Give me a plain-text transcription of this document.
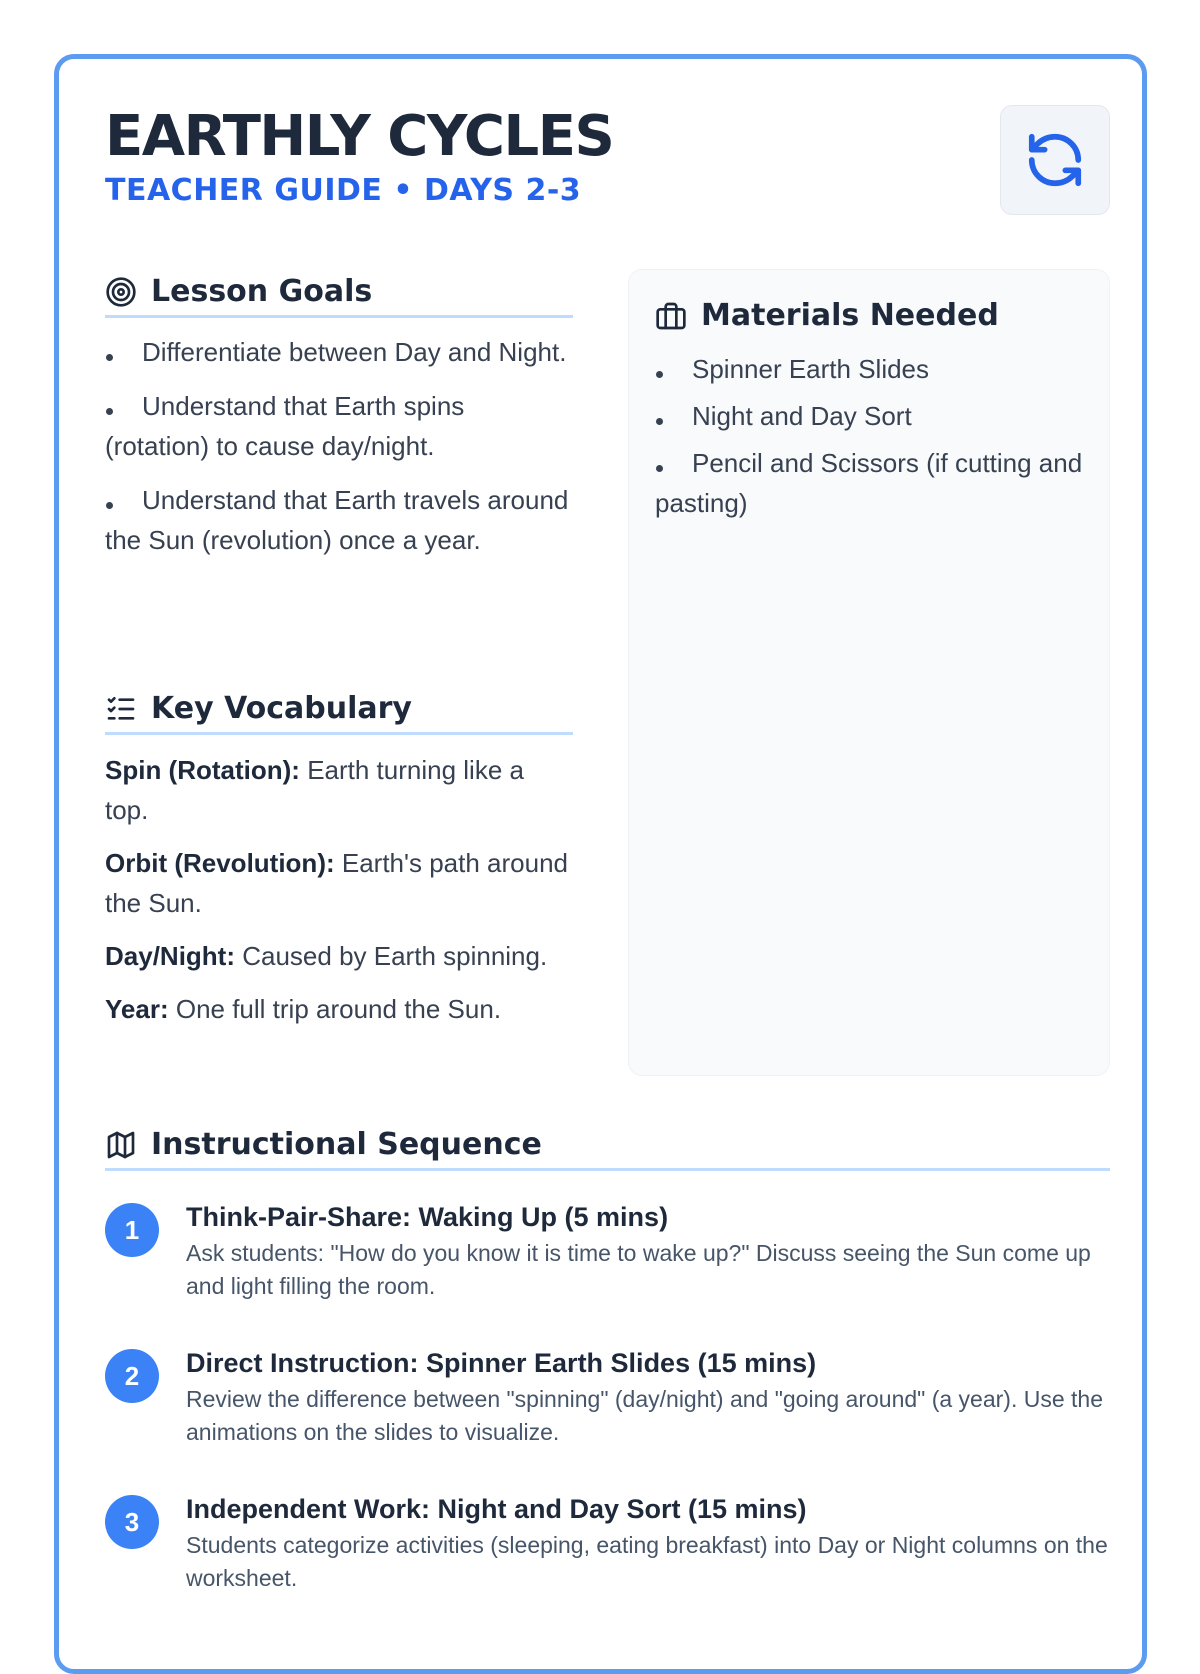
EARTHLY CYCLES
TEACHER GUIDE • DAYS 2-3
Lesson Goals
Differentiate between Day and Night.
Understand that Earth spins (rotation) to cause day/night.
Understand that Earth travels around the Sun (revolution) once a year.
Key Vocabulary
Spin (Rotation): Earth turning like a top.
Orbit (Revolution): Earth's path around the Sun.
Day/Night: Caused by Earth spinning.
Year: One full trip around the Sun.
Materials Needed
Spinner Earth Slides
Night and Day Sort
Pencil and Scissors (if cutting and pasting)
Instructional Sequence
1	Think-Pair-Share: Waking Up (5 mins)
Ask students: "How do you know it is time to wake up?" Discuss seeing the Sun come up and light filling the room.
2	Direct Instruction: Spinner Earth Slides (15 mins)
Review the difference between "spinning" (day/night) and "going around" (a year). Use the animations on the slides to visualize.
3	Independent Work: Night and Day Sort (15 mins)
Students categorize activities (sleeping, eating breakfast) into Day or Night columns on the worksheet.
